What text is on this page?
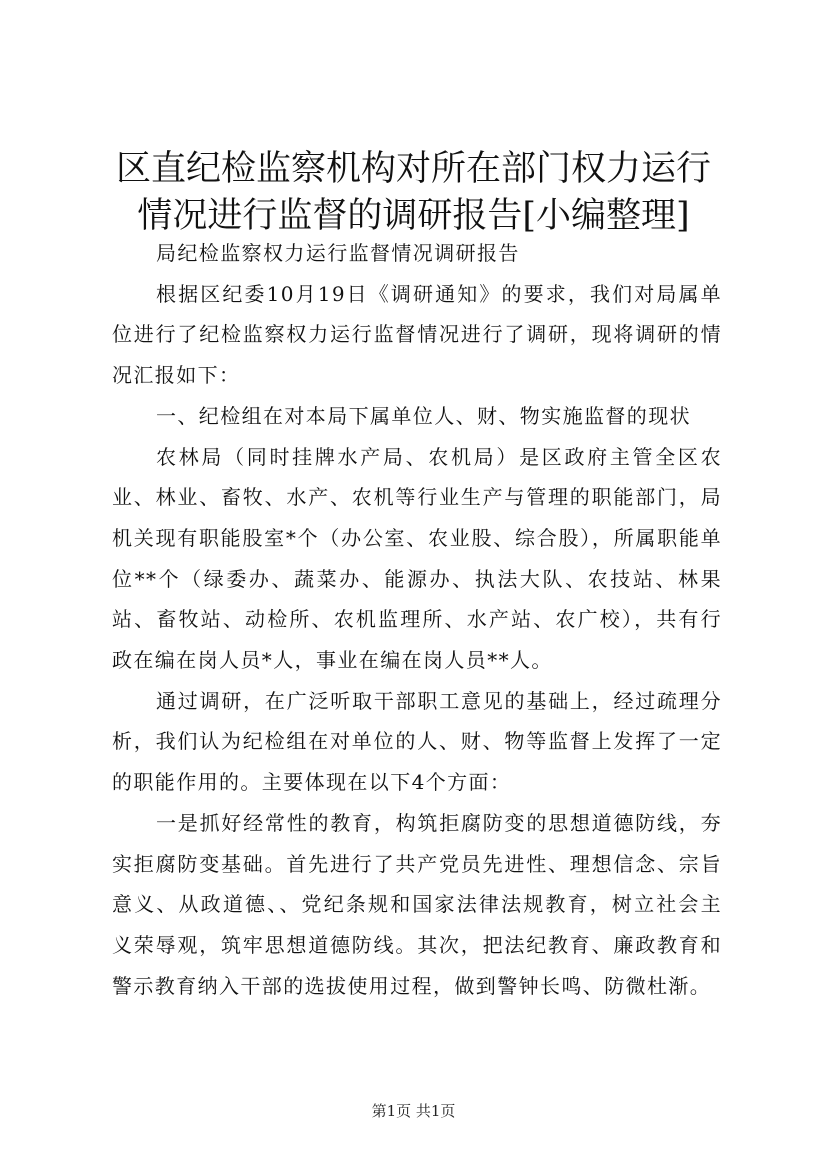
区直纪检监察机构对所在部门权力运行情况进行监督的调研报告[小编整理]

局纪检监察权力运行监督情况调研报告

根据区纪委10月19日《调研通知》的要求，我们对局属单位进行了纪检监察权力运行监督情况进行了调研，现将调研的情况汇报如下：

一、纪检组在对本局下属单位人、财、物实施监督的现状

农林局（同时挂牌水产局、农机局）是区政府主管全区农业、林业、畜牧、水产、农机等行业生产与管理的职能部门，局机关现有职能股室*个（办公室、农业股、综合股），所属职能单位**个（绿委办、蔬菜办、能源办、执法大队、农技站、林果站、畜牧站、动检所、农机监理所、水产站、农广校），共有行政在编在岗人员*人，事业在编在岗人员**人。

通过调研，在广泛听取干部职工意见的基础上，经过疏理分析，我们认为纪检组在对单位的人、财、物等监督上发挥了一定的职能作用的。主要体现在以下4个方面：

一是抓好经常性的教育，构筑拒腐防变的思想道德防线，夯实拒腐防变基础。首先进行了共产党员先进性、理想信念、宗旨意义、从政道德、、党纪条规和国家法律法规教育，树立社会主义荣辱观，筑牢思想道德防线。其次，把法纪教育、廉政教育和警示教育纳入干部的选拔使用过程，做到警钟长鸣、防微杜渐。

第1页 共1页
